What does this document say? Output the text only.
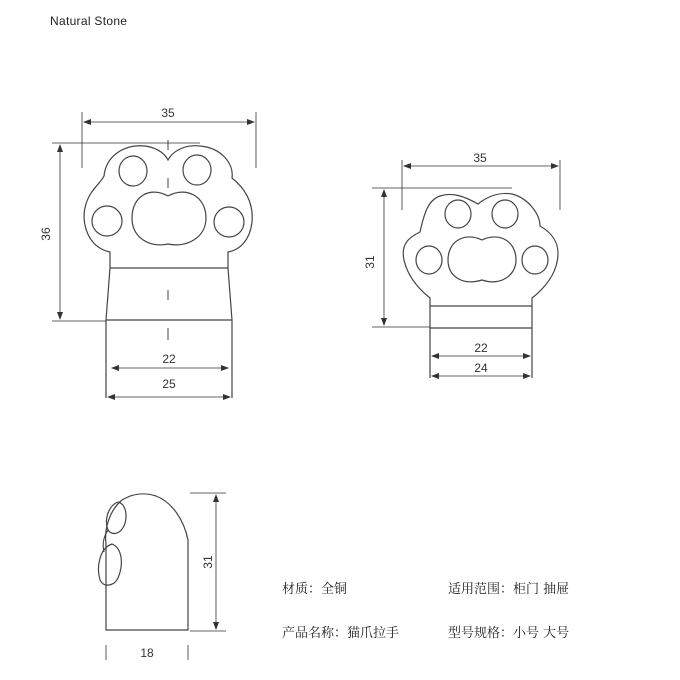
Natural Stone
35
36
22
25
35
31
22
24
31
18
材质：全铜	适用范围：柜门 抽屉
产品名称：猫爪拉手	型号规格：小号 大号
